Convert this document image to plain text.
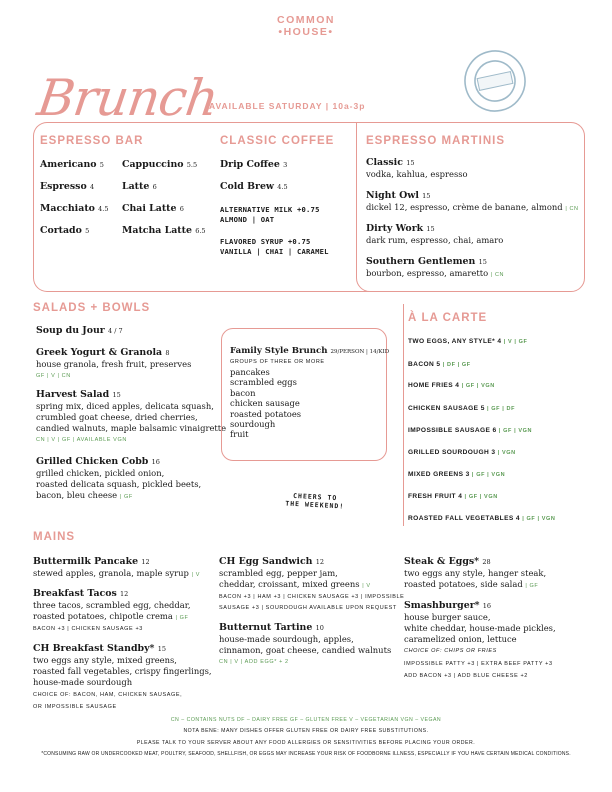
COMMON
•HOUSE•
Brunch
AVAILABLE SATURDAY | 10a-3p
ESPRESSO BAR
Americano 5
Espresso 4
Macchiato 4.5
Cortado 5
Cappuccino 5.5
Latte 6
Chai Latte 6
Matcha Latte 6.5
CLASSIC COFFEE
Drip Coffee 3
Cold Brew 4.5
ALTERNATIVE MILK +0.75
ALMOND | OAT
FLAVORED SYRUP +0.75
VANILLA | CHAI | CARAMEL
ESPRESSO MARTINIS
Classic 15
vodka, kahlua, espresso
Night Owl 15
dickel 12, espresso, crème de banane, almond | CN
Dirty Work 15
dark rum, espresso, chai, amaro
Southern Gentlemen 15
bourbon, espresso, amaretto | CN
SALADS + BOWLS
Soup du Jour 4 / 7
Greek Yogurt & Granola 8
house granola, fresh fruit, preserves
GF | V | CN
Harvest Salad 15
spring mix, diced apples, delicata squash,
crumbled goat cheese, dried cherries,
candied walnuts, maple balsamic vinaigrette
CN | V | GF | AVAILABLE VGN
Grilled Chicken Cobb 16
grilled chicken, pickled onion,
roasted delicata squash, pickled beets,
bacon, bleu cheese | GF
Family Style Brunch 29/PERSON | 14/KID
GROUPS OF THREE OR MORE
pancakes
scrambled eggs
bacon
chicken sausage
roasted potatoes
sourdough
fruit
CHEERS TO
THE WEEKEND!
À LA CARTE
TWO EGGS, ANY STYLE* 4 | V | GF
BACON 5 | DF | GF
HOME FRIES 4 | GF | VGN
CHICKEN SAUSAGE 5 | GF | DF
IMPOSSIBLE SAUSAGE 6 | GF | VGN
GRILLED SOURDOUGH 3 | VGN
MIXED GREENS 3 | GF | VGN
FRESH FRUIT 4 | GF | VGN
ROASTED FALL VEGETABLES 4 | GF | VGN
MAINS
Buttermilk Pancake 12
stewed apples, granola, maple syrup | V
Breakfast Tacos 12
three tacos, scrambled egg, cheddar,
roasted potatoes, chipotle crema | GF
BACON +3 | CHICKEN SAUSAGE +3
CH Breakfast Standby* 15
two eggs any style, mixed greens,
roasted fall vegetables, crispy fingerlings,
house-made sourdough
CHOICE OF: BACON, HAM, CHICKEN SAUSAGE,
OR IMPOSSIBLE SAUSAGE
CH Egg Sandwich 12
scrambled egg, pepper jam,
cheddar, croissant, mixed greens | V
BACON +3 | HAM +3 | CHICKEN SAUSAGE +3 | IMPOSSIBLE
SAUSAGE +3 | SOURDOUGH AVAILABLE UPON REQUEST
Butternut Tartine 10
house-made sourdough, apples,
cinnamon, goat cheese, candied walnuts
CN | V | ADD EGG* + 2
Steak & Eggs* 28
two eggs any style, hanger steak,
roasted potatoes, side salad | GF
Smashburger* 16
house burger sauce,
white cheddar, house-made pickles,
caramelized onion, lettuce
CHOICE OF: CHIPS OR FRIES
IMPOSSIBLE PATTY +3 | EXTRA BEEF PATTY +3
ADD BACON +3 | ADD BLUE CHEESE +2
CN – CONTAINS NUTS DF – DAIRY FREE GF – GLUTEN FREE V – VEGETARIAN VGN – VEGAN
NOTA BENE: MANY DISHES OFFER GLUTEN FREE OR DAIRY FREE SUBSTITUTIONS.
PLEASE TALK TO YOUR SERVER ABOUT ANY FOOD ALLERGIES OR SENSITIVITIES BEFORE PLACING YOUR ORDER.
*CONSUMING RAW OR UNDERCOOKED MEAT, POULTRY, SEAFOOD, SHELLFISH, OR EGGS MAY INCREASE YOUR RISK OF FOODBORNE ILLNESS, ESPECIALLY IF YOU HAVE CERTAIN MEDICAL CONDITIONS.
